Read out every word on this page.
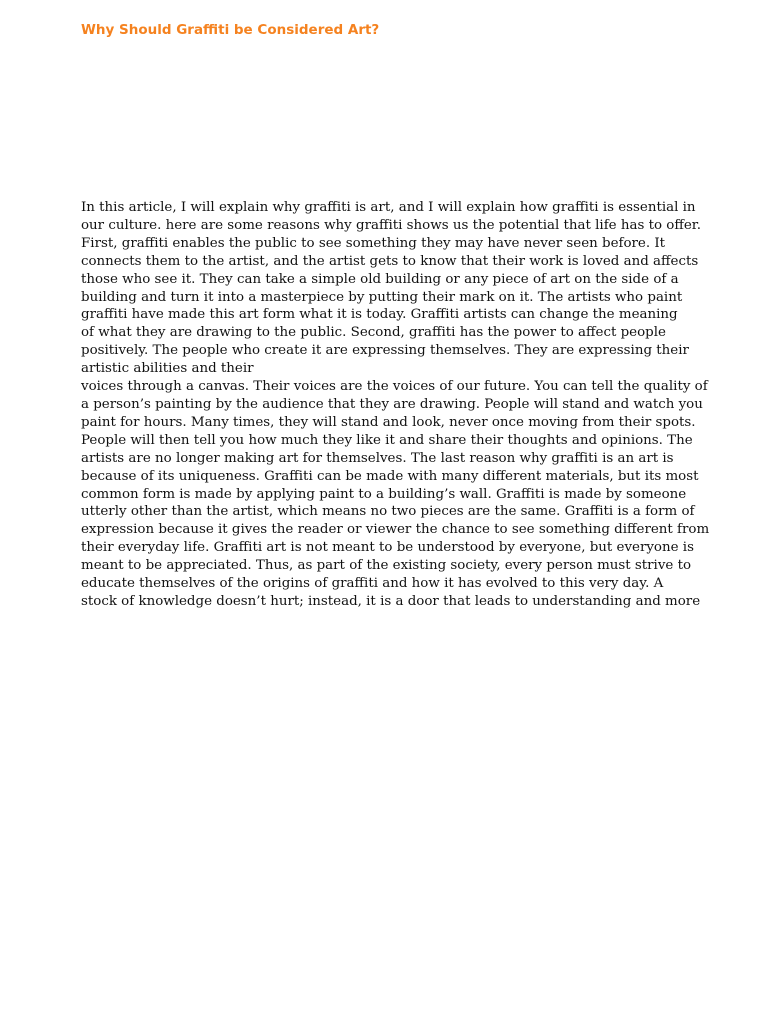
Why Should Graffiti be Considered Art?
In this article, I will explain why graffiti is art, and I will explain how graffiti is essential in
our culture. here are some reasons why graffiti shows us the potential that life has to offer.
First, graffiti enables the public to see something they may have never seen before. It
connects them to the artist, and the artist gets to know that their work is loved and affects
those who see it. They can take a simple old building or any piece of art on the side of a
building and turn it into a masterpiece by putting their mark on it. The artists who paint
graffiti have made this art form what it is today. Graffiti artists can change the meaning
of what they are drawing to the public. Second, graffiti has the power to affect people
positively. The people who create it are expressing themselves. They are expressing their
artistic abilities and their
voices through a canvas. Their voices are the voices of our future. You can tell the quality of
a person’s painting by the audience that they are drawing. People will stand and watch you
paint for hours. Many times, they will stand and look, never once moving from their spots.
People will then tell you how much they like it and share their thoughts and opinions. The
artists are no longer making art for themselves. The last reason why graffiti is an art is
because of its uniqueness. Graffiti can be made with many different materials, but its most
common form is made by applying paint to a building’s wall. Graffiti is made by someone
utterly other than the artist, which means no two pieces are the same. Graffiti is a form of
expression because it gives the reader or viewer the chance to see something different from
their everyday life. Graffiti art is not meant to be understood by everyone, but everyone is
meant to be appreciated. Thus, as part of the existing society, every person must strive to
educate themselves of the origins of graffiti and how it has evolved to this very day. A
stock of knowledge doesn’t hurt; instead, it is a door that leads to understanding and more
